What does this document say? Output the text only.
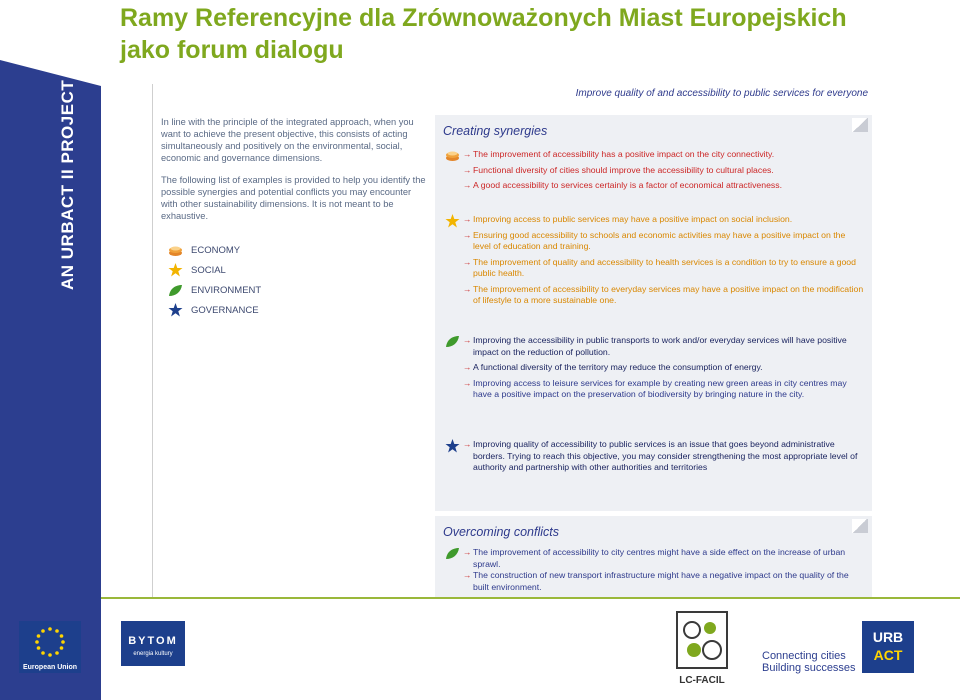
Ramy Referencyjne dla Zrównoważonych Miast Europejskich
jako forum dialogu
AN URBACT II PROJECT	Improve quality of and accessibility to public services for everyone

In line with the principle of the integrated approach, when you want to achieve the present objective, this consists of acting simultaneously and positively on the environmental, social, economic and governance dimensions.

The following list of examples is provided to help you identify the possible synergies and potential conflicts you may encounter with other sustainability dimensions. It is not meant to be exhaustive.

ECONOMY
SOCIAL
ENVIRONMENT
GOVERNANCE
Creating synergies
→ The improvement of accessibility has a positive impact on the city connectivity.
→ Functional diversity of cities should improve the accessibility to cultural places.
→ A good accessibility to services certainly is a factor of economical attractiveness.
→ Improving access to public services may have a positive impact on social inclusion.
→ Ensuring good accessibility to schools and economic activities may have a positive impact on the level of education and training.
→ The improvement of quality and accessibility to health services is a condition to try to ensure a good public health.
→ The improvement of accessibility to everyday services may have a positive impact on the modification of lifestyle to a more sustainable one.
→ Improving the accessibility in public transports to work and/or everyday services will have positive impact on the reduction of pollution.
→ A functional diversity of the territory may reduce the consumption of energy.
→ Improving access to leisure services for example by creating new green areas in city centres may have a positive impact on the preservation of biodiversity by bringing nature in the city.
→ Improving quality of accessibility to public services is an issue that goes beyond administrative borders. Trying to reach this objective, you may consider strengthening the most appropriate level of authority and partnership with other authorities and territories
Overcoming conflicts
→ The improvement of accessibility to city centres might have a side effect on the increase of urban sprawl.
→ The construction of new transport infrastructure might have a negative impact on the quality of the built environment.
European Union
BYTOM
energia kultury
LC-FACIL
Connecting cities
Building successes
URB
ACT
